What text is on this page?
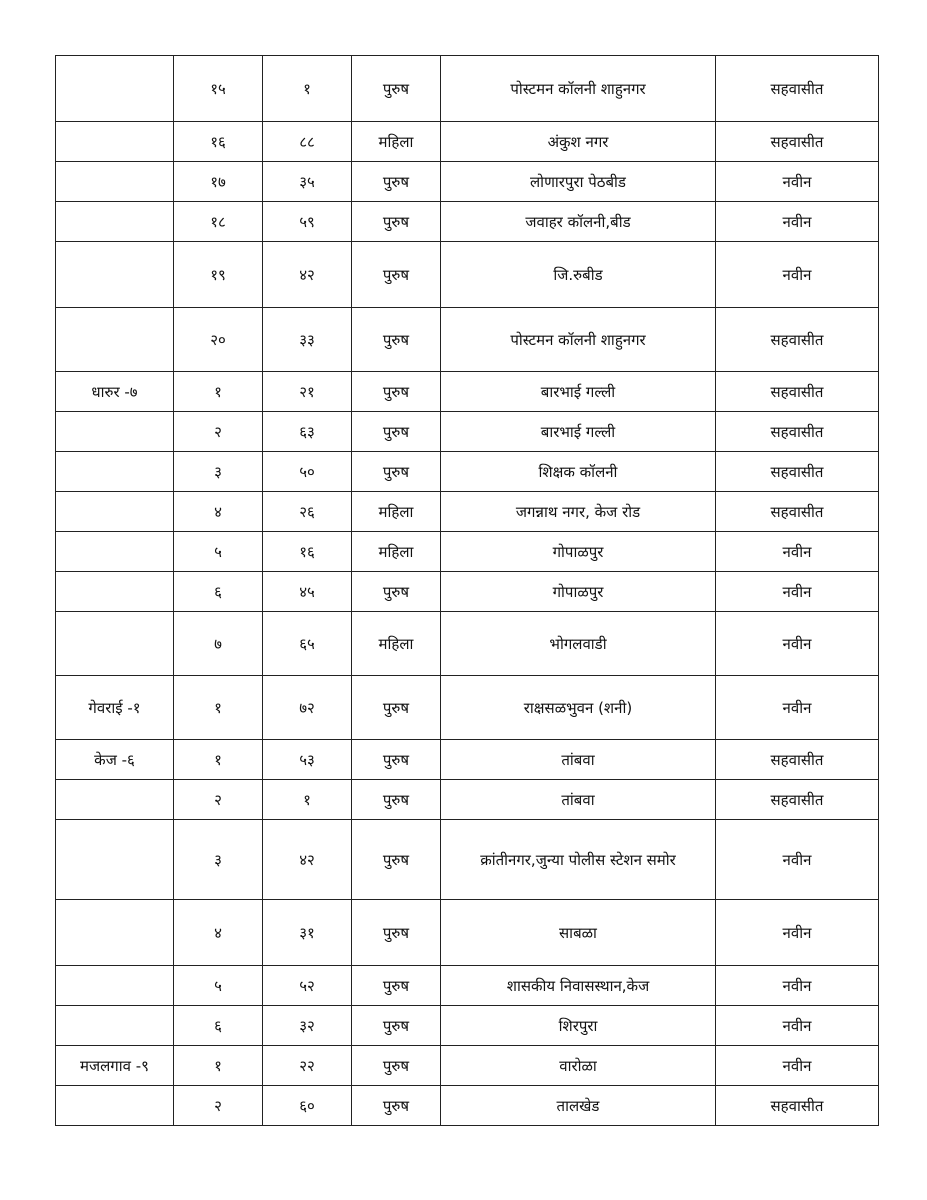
	१५	१	पुरुष	पोस्टमन कॉलनी शाहुनगर	सहवासीत
	१६	८८	महिला	अंकुश नगर	सहवासीत
	१७	३५	पुरुष	लोणारपुरा पेठबीड	नवीन
	१८	५९	पुरुष	जवाहर कॉलनी,बीड	नवीन
	१९	४२	पुरुष	जि.रुबीड	नवीन
	२०	३३	पुरुष	पोस्टमन कॉलनी शाहुनगर	सहवासीत
धारुर -७	१	२१	पुरुष	बारभाई गल्ली	सहवासीत
	२	६३	पुरुष	बारभाई गल्ली	सहवासीत
	३	५०	पुरुष	शिक्षक कॉलनी	सहवासीत
	४	२६	महिला	जगन्नाथ नगर, केज रोड	सहवासीत
	५	१६	महिला	गोपाळपुर	नवीन
	६	४५	पुरुष	गोपाळपुर	नवीन
	७	६५	महिला	भोगलवाडी	नवीन
गेवराई -१	१	७२	पुरुष	राक्षसळभुवन (शनी)	नवीन
केज -६	१	५३	पुरुष	तांबवा	सहवासीत
	२	१	पुरुष	तांबवा	सहवासीत
	३	४२	पुरुष	क्रांतीनगर,जुन्या पोलीस स्टेशन समोर	नवीन
	४	३१	पुरुष	साबळा	नवीन
	५	५२	पुरुष	शासकीय निवासस्थान,केज	नवीन
	६	३२	पुरुष	शिरपुरा	नवीन
मजलगाव -९	१	२२	पुरुष	वारोळा	नवीन
	२	६०	पुरुष	तालखेड	सहवासीत
